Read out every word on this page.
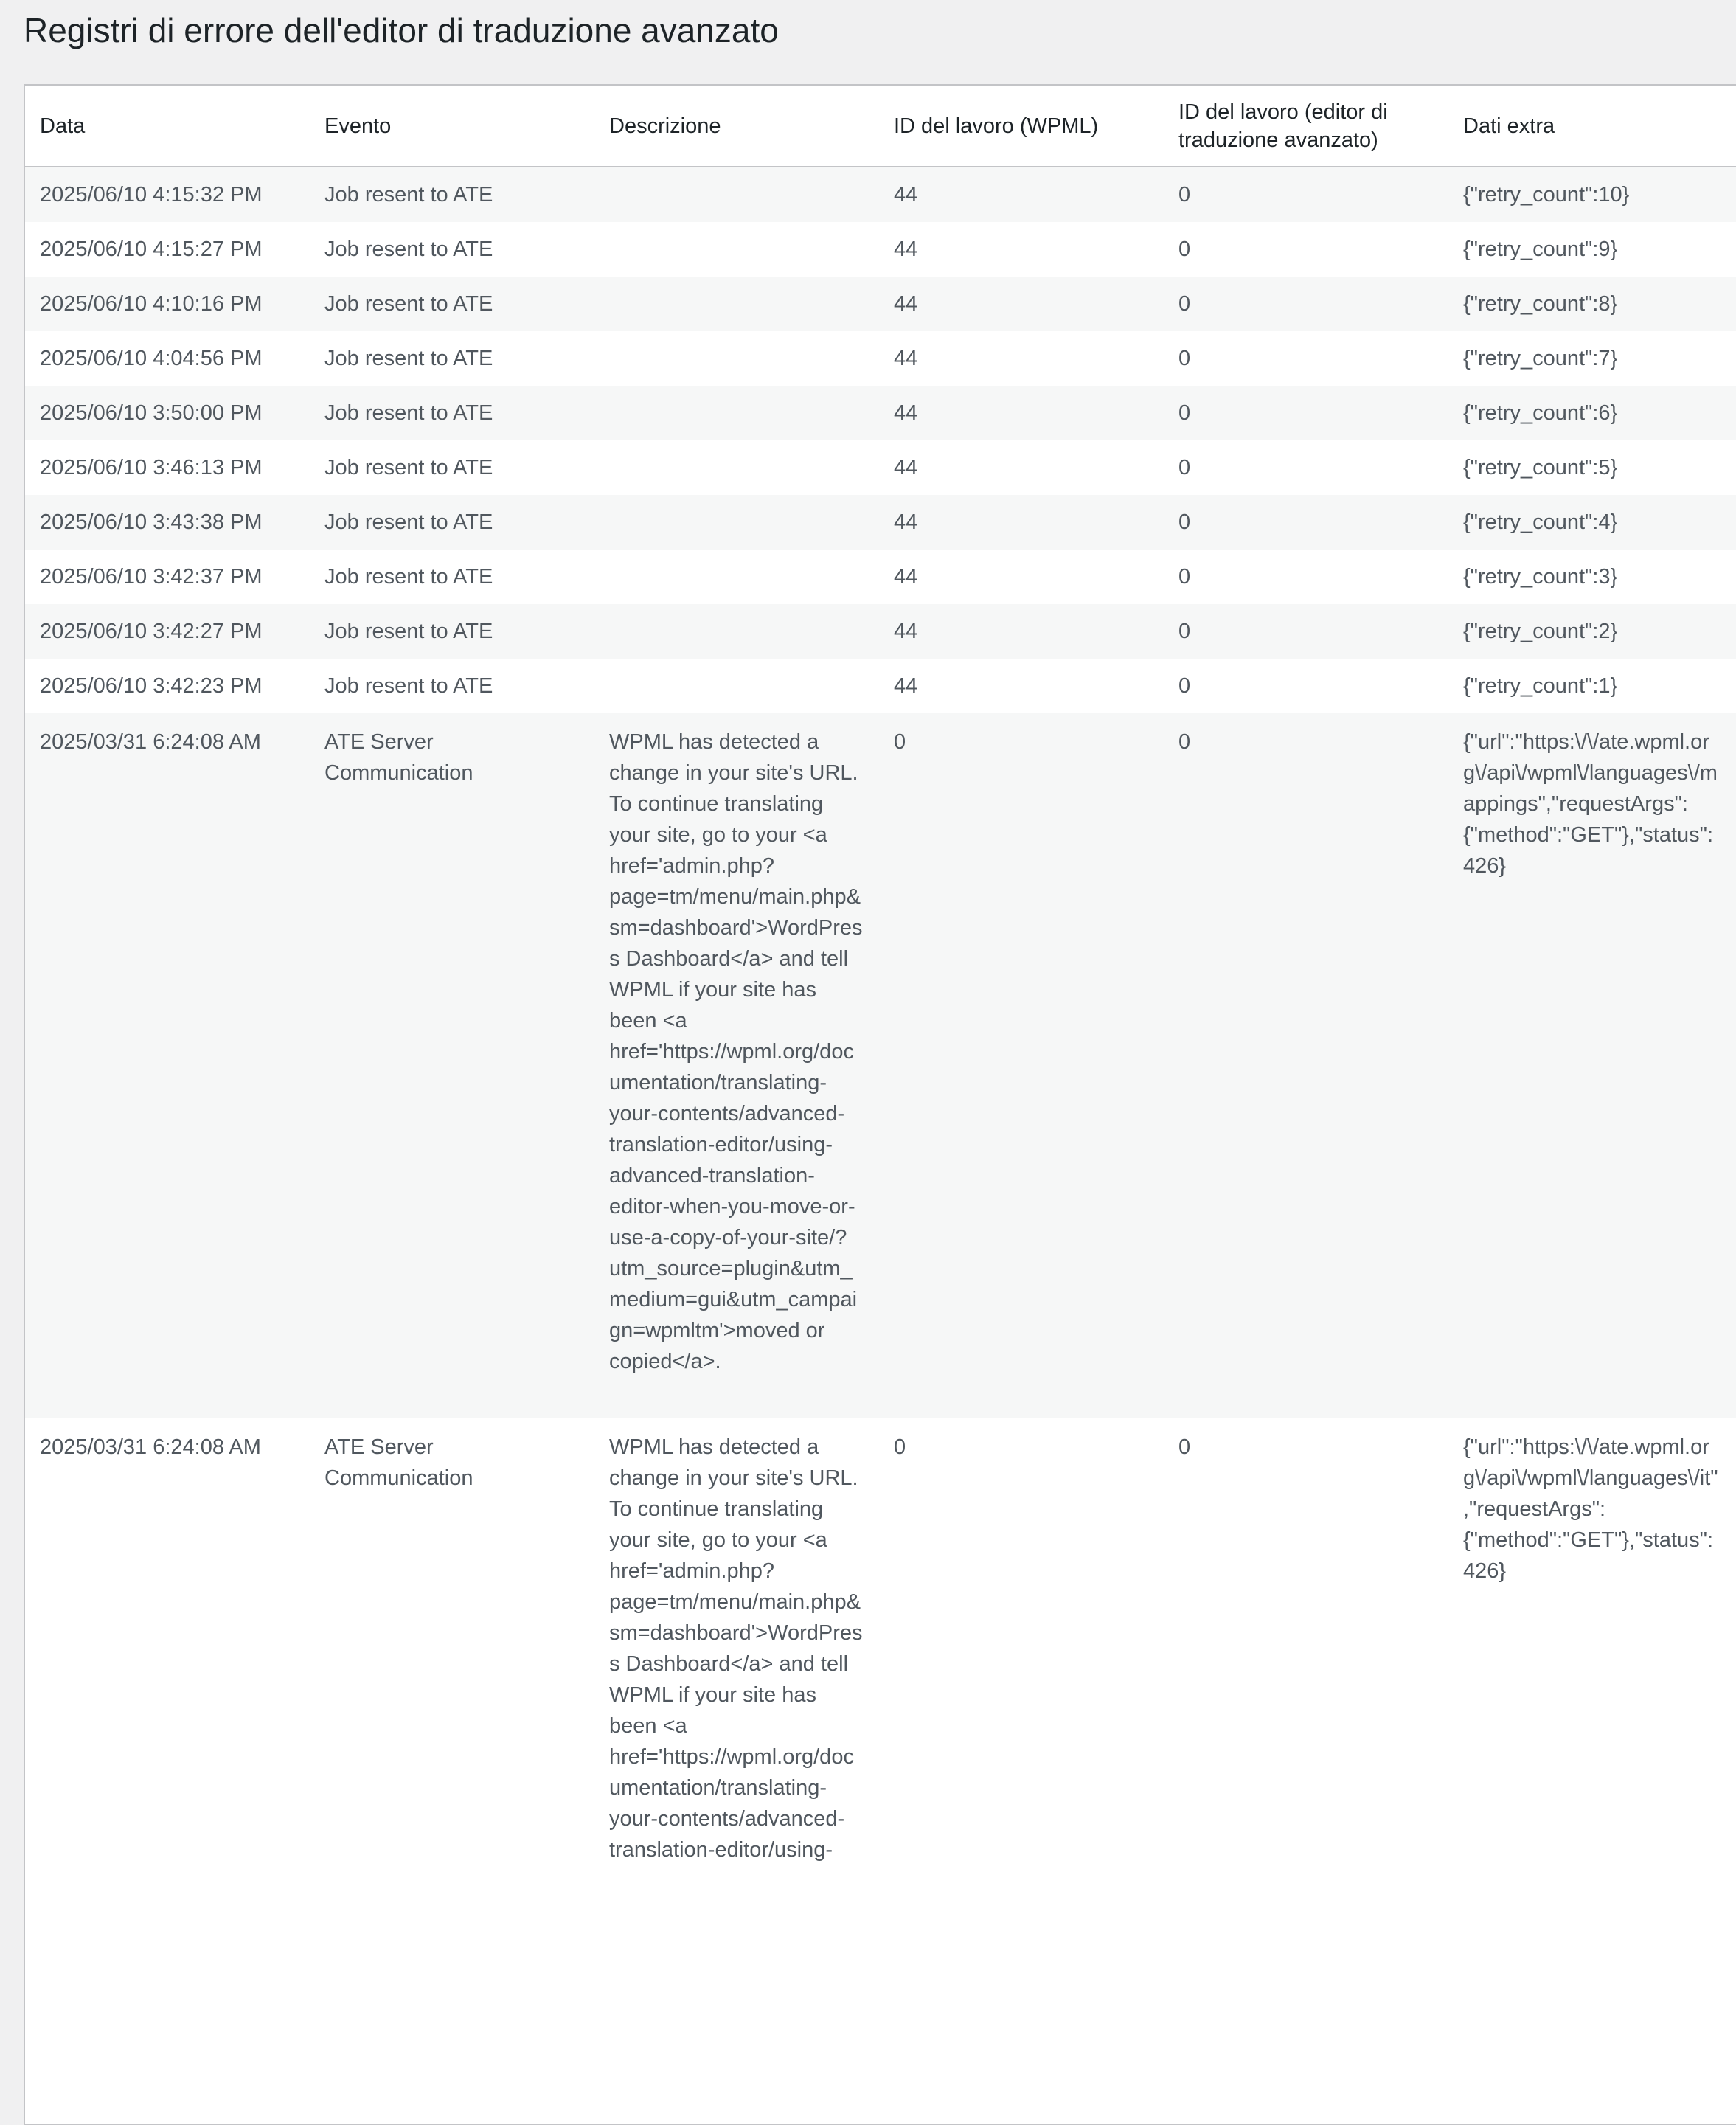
Registri di errore dell'editor di traduzione avanzato
Data	Evento	Descrizione	ID del lavoro (WPML)	ID del lavoro (editor di traduzione avanzato)	Dati extra
2025/06/10 4:15:32 PM	Job resent to ATE		44	0	{"retry_count":10}
2025/06/10 4:15:27 PM	Job resent to ATE		44	0	{"retry_count":9}
2025/06/10 4:10:16 PM	Job resent to ATE		44	0	{"retry_count":8}
2025/06/10 4:04:56 PM	Job resent to ATE		44	0	{"retry_count":7}
2025/06/10 3:50:00 PM	Job resent to ATE		44	0	{"retry_count":6}
2025/06/10 3:46:13 PM	Job resent to ATE		44	0	{"retry_count":5}
2025/06/10 3:43:38 PM	Job resent to ATE		44	0	{"retry_count":4}
2025/06/10 3:42:37 PM	Job resent to ATE		44	0	{"retry_count":3}
2025/06/10 3:42:27 PM	Job resent to ATE		44	0	{"retry_count":2}
2025/06/10 3:42:23 PM	Job resent to ATE		44	0	{"retry_count":1}
2025/03/31 6:24:08 AM	ATE Server Communication	WPML has detected a change in your site's URL. To continue translating your site, go to your <a href='admin.php?page=tm/menu/main.php&sm=dashboard'>WordPress Dashboard</a> and tell WPML if your site has been <a href='https://wpml.org/documentation/translating-your-contents/advanced-translation-editor/using-advanced-translation-editor-when-you-move-or-use-a-copy-of-your-site/?utm_source=plugin&utm_medium=gui&utm_campaign=wpmltm'>moved or copied</a>.	0	0	{"url":"https:\/\/ate.wpml.org\/api\/wpml\/languages\/mappings","requestArgs":{"method":"GET"},"status":426}
2025/03/31 6:24:08 AM	ATE Server Communication	WPML has detected a change in your site's URL. To continue translating your site, go to your <a href='admin.php?page=tm/menu/main.php&sm=dashboard'>WordPress Dashboard</a> and tell WPML if your site has been <a href='https://wpml.org/documentation/translating-your-contents/advanced-translation-editor/using-	0	0	{"url":"https:\/\/ate.wpml.org\/api\/wpml\/languages\/it","requestArgs":{"method":"GET"},"status":426}
